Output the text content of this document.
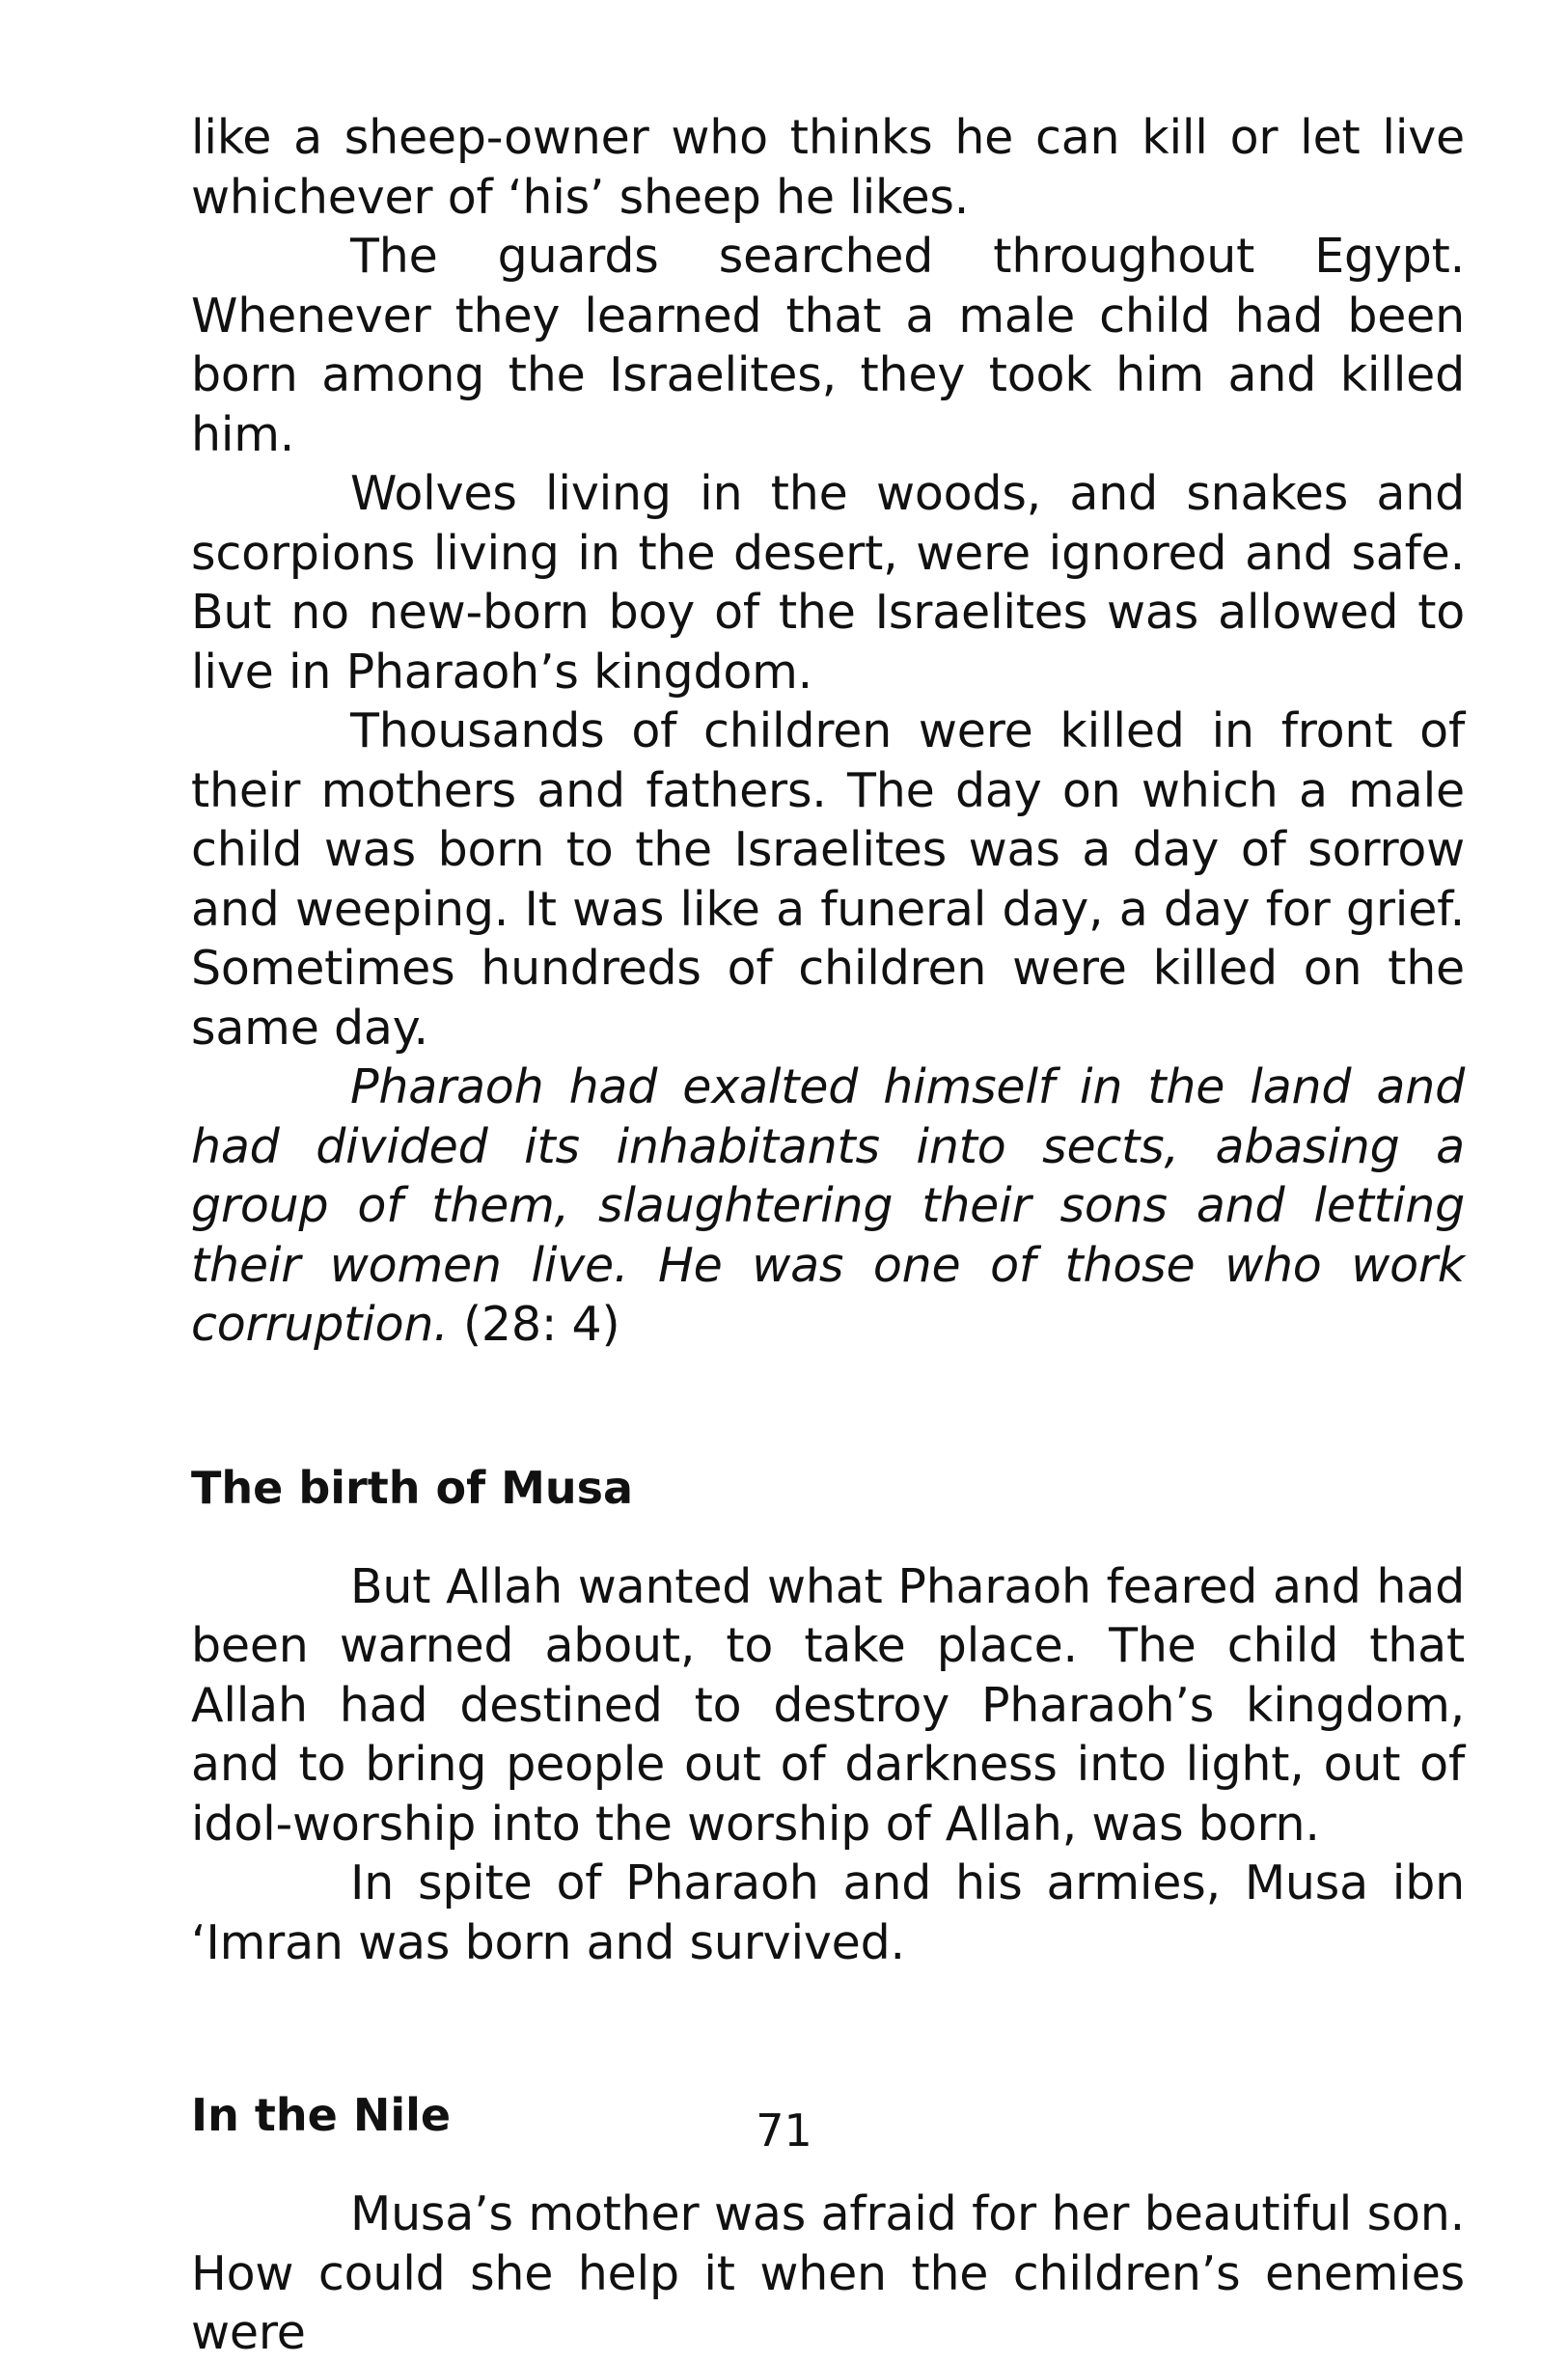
like a sheep-owner who thinks he can kill or let live whichever of ‘his’ sheep he likes.

The guards searched throughout Egypt. Whenever they learned that a male child had been born among the Israelites, they took him and killed him.

Wolves living in the woods, and snakes and scorpions living in the desert, were ignored and safe. But no new-born boy of the Israelites was allowed to live in Pharaoh’s kingdom.

Thousands of children were killed in front of their mothers and fathers. The day on which a male child was born to the Israelites was a day of sorrow and weeping. It was like a funeral day, a day for grief. Sometimes hundreds of children were killed on the same day.

Pharaoh had exalted himself in the land and had divided its inhabitants into sects, abasing a group of them, slaughtering their sons and letting their women live. He was one of those who work corruption. (28: 4)

The birth of Musa

But Allah wanted what Pharaoh feared and had been warned about, to take place. The child that Allah had destined to destroy Pharaoh’s kingdom, and to bring people out of darkness into light, out of idol-worship into the worship of Allah, was born.

In spite of Pharaoh and his armies, Musa ibn ‘Imran was born and survived.

In the Nile

Musa’s mother was afraid for her beautiful son. How could she help it when the children’s enemies were

71
